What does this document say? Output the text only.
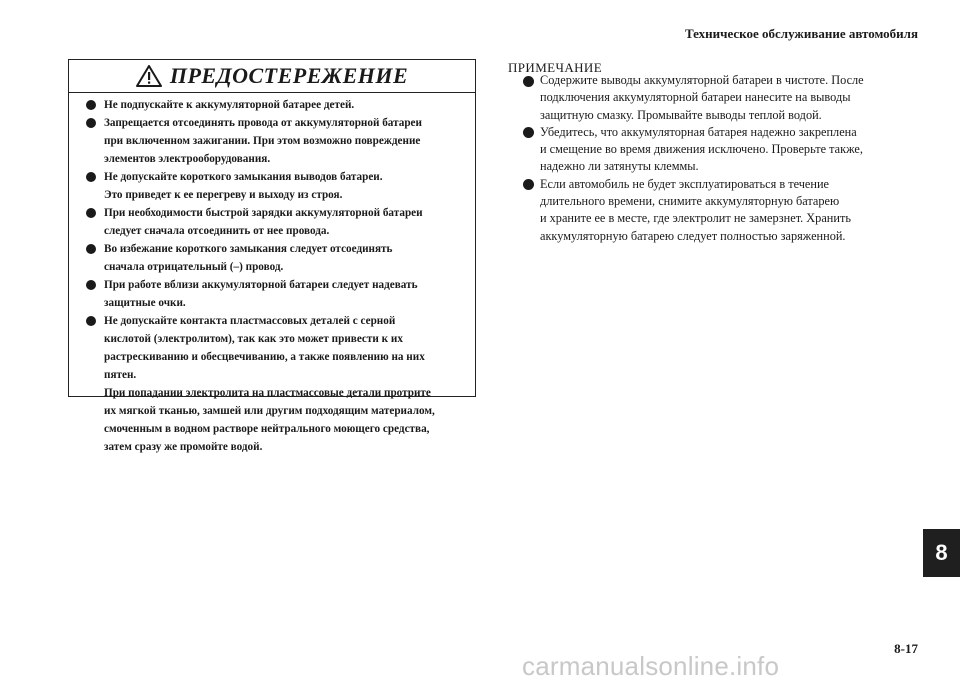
Техническое обслуживание автомобиля
ПРЕДОСТЕРЕЖЕНИЕ
Не подпускайте к аккумуляторной батарее детей.
Запрещается отсоединять провода от аккумуляторной батареи
при включенном зажигании. При этом возможно повреждение
элементов электрооборудования.
Не допускайте короткого замыкания выводов батареи.
Это приведет к ее перегреву и выходу из строя.
При необходимости быстрой зарядки аккумуляторной батареи
следует сначала отсоединить от нее провода.
Во избежание короткого замыкания следует отсоединять
сначала отрицательный (–) провод.
При работе вблизи аккумуляторной батареи следует надевать
защитные очки.
Не допускайте контакта пластмассовых деталей с серной
кислотой (электролитом), так как это может привести к их
растрескиванию и обесцвечиванию, а также появлению на них
пятен.
При попадании электролита на пластмассовые детали протрите
их мягкой тканью, замшей или другим подходящим материалом,
смоченным в водном растворе нейтрального моющего средства,
затем сразу же промойте водой.
ПРИМЕЧАНИЕ
Содержите выводы аккумуляторной батареи в чистоте. После
подключения аккумуляторной батареи нанесите на выводы
защитную смазку. Промывайте выводы теплой водой.
Убедитесь, что аккумуляторная батарея надежно закреплена
и смещение во время движения исключено. Проверьте также,
надежно ли затянуты клеммы.
Если автомобиль не будет эксплуатироваться в течение
длительного времени, снимите аккумуляторную батарею
и храните ее в месте, где электролит не замерзнет. Хранить
аккумуляторную батарею следует полностью заряженной.
8
8-17
carmanualsonline.info
